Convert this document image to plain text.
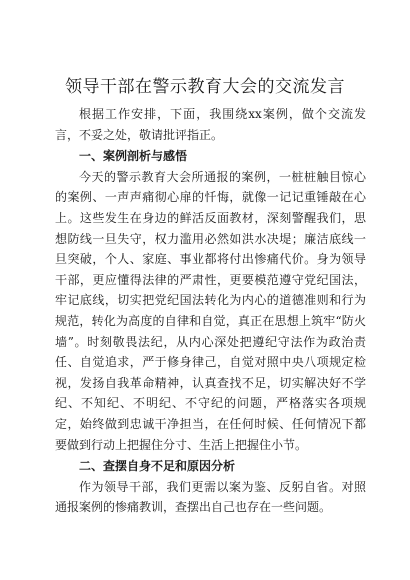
领导干部在警示教育大会的交流发言

根据工作安排，下面，我围绕xx案例，做个交流发言，不妥之处，敬请批评指正。

一、案例剖析与感悟

今天的警示教育大会所通报的案例，一桩桩触目惊心的案例、一声声痛彻心扉的忏悔，就像一记记重锤敲在心上。这些发生在身边的鲜活反面教材，深刻警醒我们，思想防线一旦失守，权力滥用必然如洪水决堤；廉洁底线一旦突破，个人、家庭、事业都将付出惨痛代价。身为领导干部，更应懂得法律的严肃性，更要模范遵守党纪国法，牢记底线，切实把党纪国法转化为内心的道德准则和行为规范，转化为高度的自律和自觉，真正在思想上筑牢“防火墙”。时刻敬畏法纪，从内心深处把遵纪守法作为政治责任、自觉追求，严于修身律己，自觉对照中央八项规定检视，发扬自我革命精神，认真查找不足，切实解决好不学纪、不知纪、不明纪、不守纪的问题，严格落实各项规定，始终做到忠诚干净担当，在任何时候、任何情况下都要做到行动上把握住分寸、生活上把握住小节。

二、查摆自身不足和原因分析

作为领导干部，我们更需以案为鉴、反躬自省。对照通报案例的惨痛教训，查摆出自己也存在一些问题。
